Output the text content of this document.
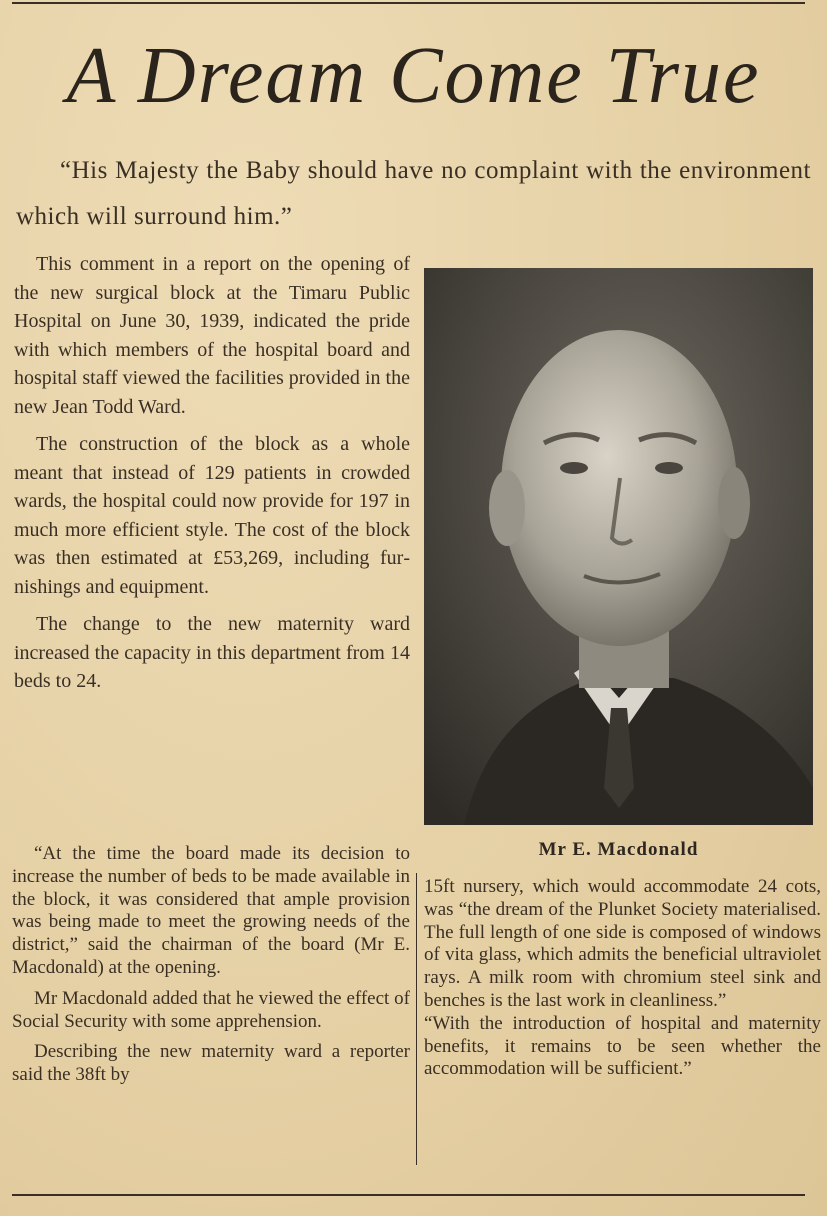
A Dream Come True

“His Majesty the Baby should have no complaint with the environment which will surround him.”

This comment in a report on the opening of the new surgical block at the Timaru Public Hospital on June 30, 1939, indicated the pride with which members of the hospital board and hospital staff viewed the facilities provided in the new Jean Todd Ward.

The construction of the block as a whole meant that instead of 129 patients in crowded wards, the hospital could now provide for 197 in much more efficient style. The cost of the block was then estimated at £53,269, including furnishings and equipment.

The change to the new maternity ward increased the capacity in this department from 14 beds to 24.

Mr E. Macdonald

“At the time the board made its decision to increase the number of beds to be made available in the block, it was considered that ample provision was being made to meet the growing needs of the district,” said the chairman of the board (Mr E. Macdonald) at the opening.

Mr Macdonald added that he viewed the effect of Social Security with some apprehension.

Describing the new maternity ward a reporter said the 38ft by

15ft nursery, which would accommodate 24 cots, was “the dream of the Plunket Society materialised. The full length of one side is composed of windows of vita glass, which admits the beneficial ultraviolet rays. A milk room with chromium steel sink and benches is the last work in cleanliness.”

“With the introduction of hospital and maternity benefits, it remains to be seen whether the accommodation will be sufficient.”
